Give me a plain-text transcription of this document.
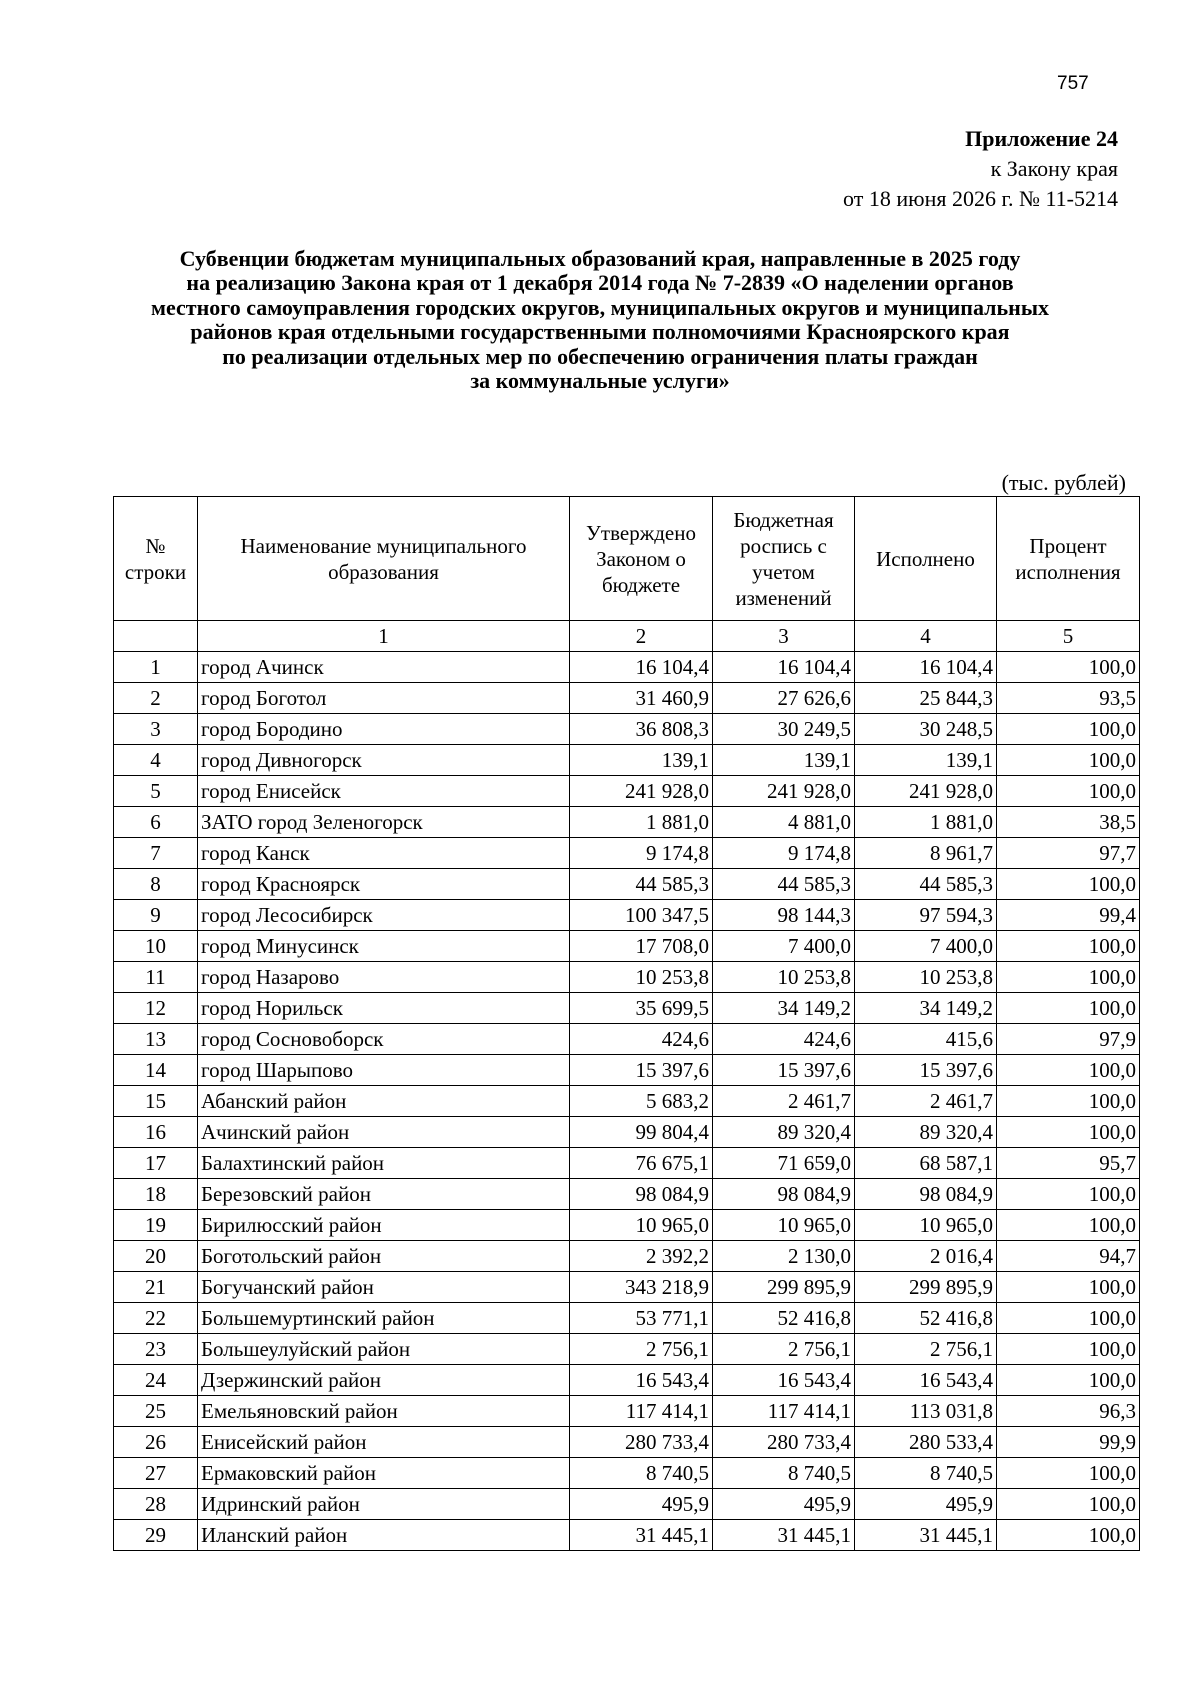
757
Приложение 24
к Закону края
от 18 июня 2026 г. № 11-5214
Субвенции бюджетам муниципальных образований края, направленные в 2025 году
на реализацию Закона края от 1 декабря 2014 года № 7-2839 «О наделении органов
местного самоуправления городских округов, муниципальных округов и муниципальных
районов края отдельными государственными полномочиями Красноярского края
по реализации отдельных мер по обеспечению ограничения платы граждан
за коммунальные услуги»
(тыс. рублей)
№ строки	Наименование муниципального образования	Утверждено Законом о бюджете	Бюджетная роспись с учетом изменений	Исполнено	Процент исполнения
	1	2	3	4	5
1	город Ачинск	16 104,4	16 104,4	16 104,4	100,0
2	город Боготол	31 460,9	27 626,6	25 844,3	93,5
3	город Бородино	36 808,3	30 249,5	30 248,5	100,0
4	город Дивногорск	139,1	139,1	139,1	100,0
5	город Енисейск	241 928,0	241 928,0	241 928,0	100,0
6	ЗАТО город Зеленогорск	1 881,0	4 881,0	1 881,0	38,5
7	город Канск	9 174,8	9 174,8	8 961,7	97,7
8	город Красноярск	44 585,3	44 585,3	44 585,3	100,0
9	город Лесосибирск	100 347,5	98 144,3	97 594,3	99,4
10	город Минусинск	17 708,0	7 400,0	7 400,0	100,0
11	город Назарово	10 253,8	10 253,8	10 253,8	100,0
12	город Норильск	35 699,5	34 149,2	34 149,2	100,0
13	город Сосновоборск	424,6	424,6	415,6	97,9
14	город Шарыпово	15 397,6	15 397,6	15 397,6	100,0
15	Абанский район	5 683,2	2 461,7	2 461,7	100,0
16	Ачинский район	99 804,4	89 320,4	89 320,4	100,0
17	Балахтинский район	76 675,1	71 659,0	68 587,1	95,7
18	Березовский район	98 084,9	98 084,9	98 084,9	100,0
19	Бирилюсский район	10 965,0	10 965,0	10 965,0	100,0
20	Боготольский район	2 392,2	2 130,0	2 016,4	94,7
21	Богучанский район	343 218,9	299 895,9	299 895,9	100,0
22	Большемуртинский район	53 771,1	52 416,8	52 416,8	100,0
23	Большеулуйский район	2 756,1	2 756,1	2 756,1	100,0
24	Дзержинский район	16 543,4	16 543,4	16 543,4	100,0
25	Емельяновский район	117 414,1	117 414,1	113 031,8	96,3
26	Енисейский район	280 733,4	280 733,4	280 533,4	99,9
27	Ермаковский район	8 740,5	8 740,5	8 740,5	100,0
28	Идринский район	495,9	495,9	495,9	100,0
29	Иланский район	31 445,1	31 445,1	31 445,1	100,0
